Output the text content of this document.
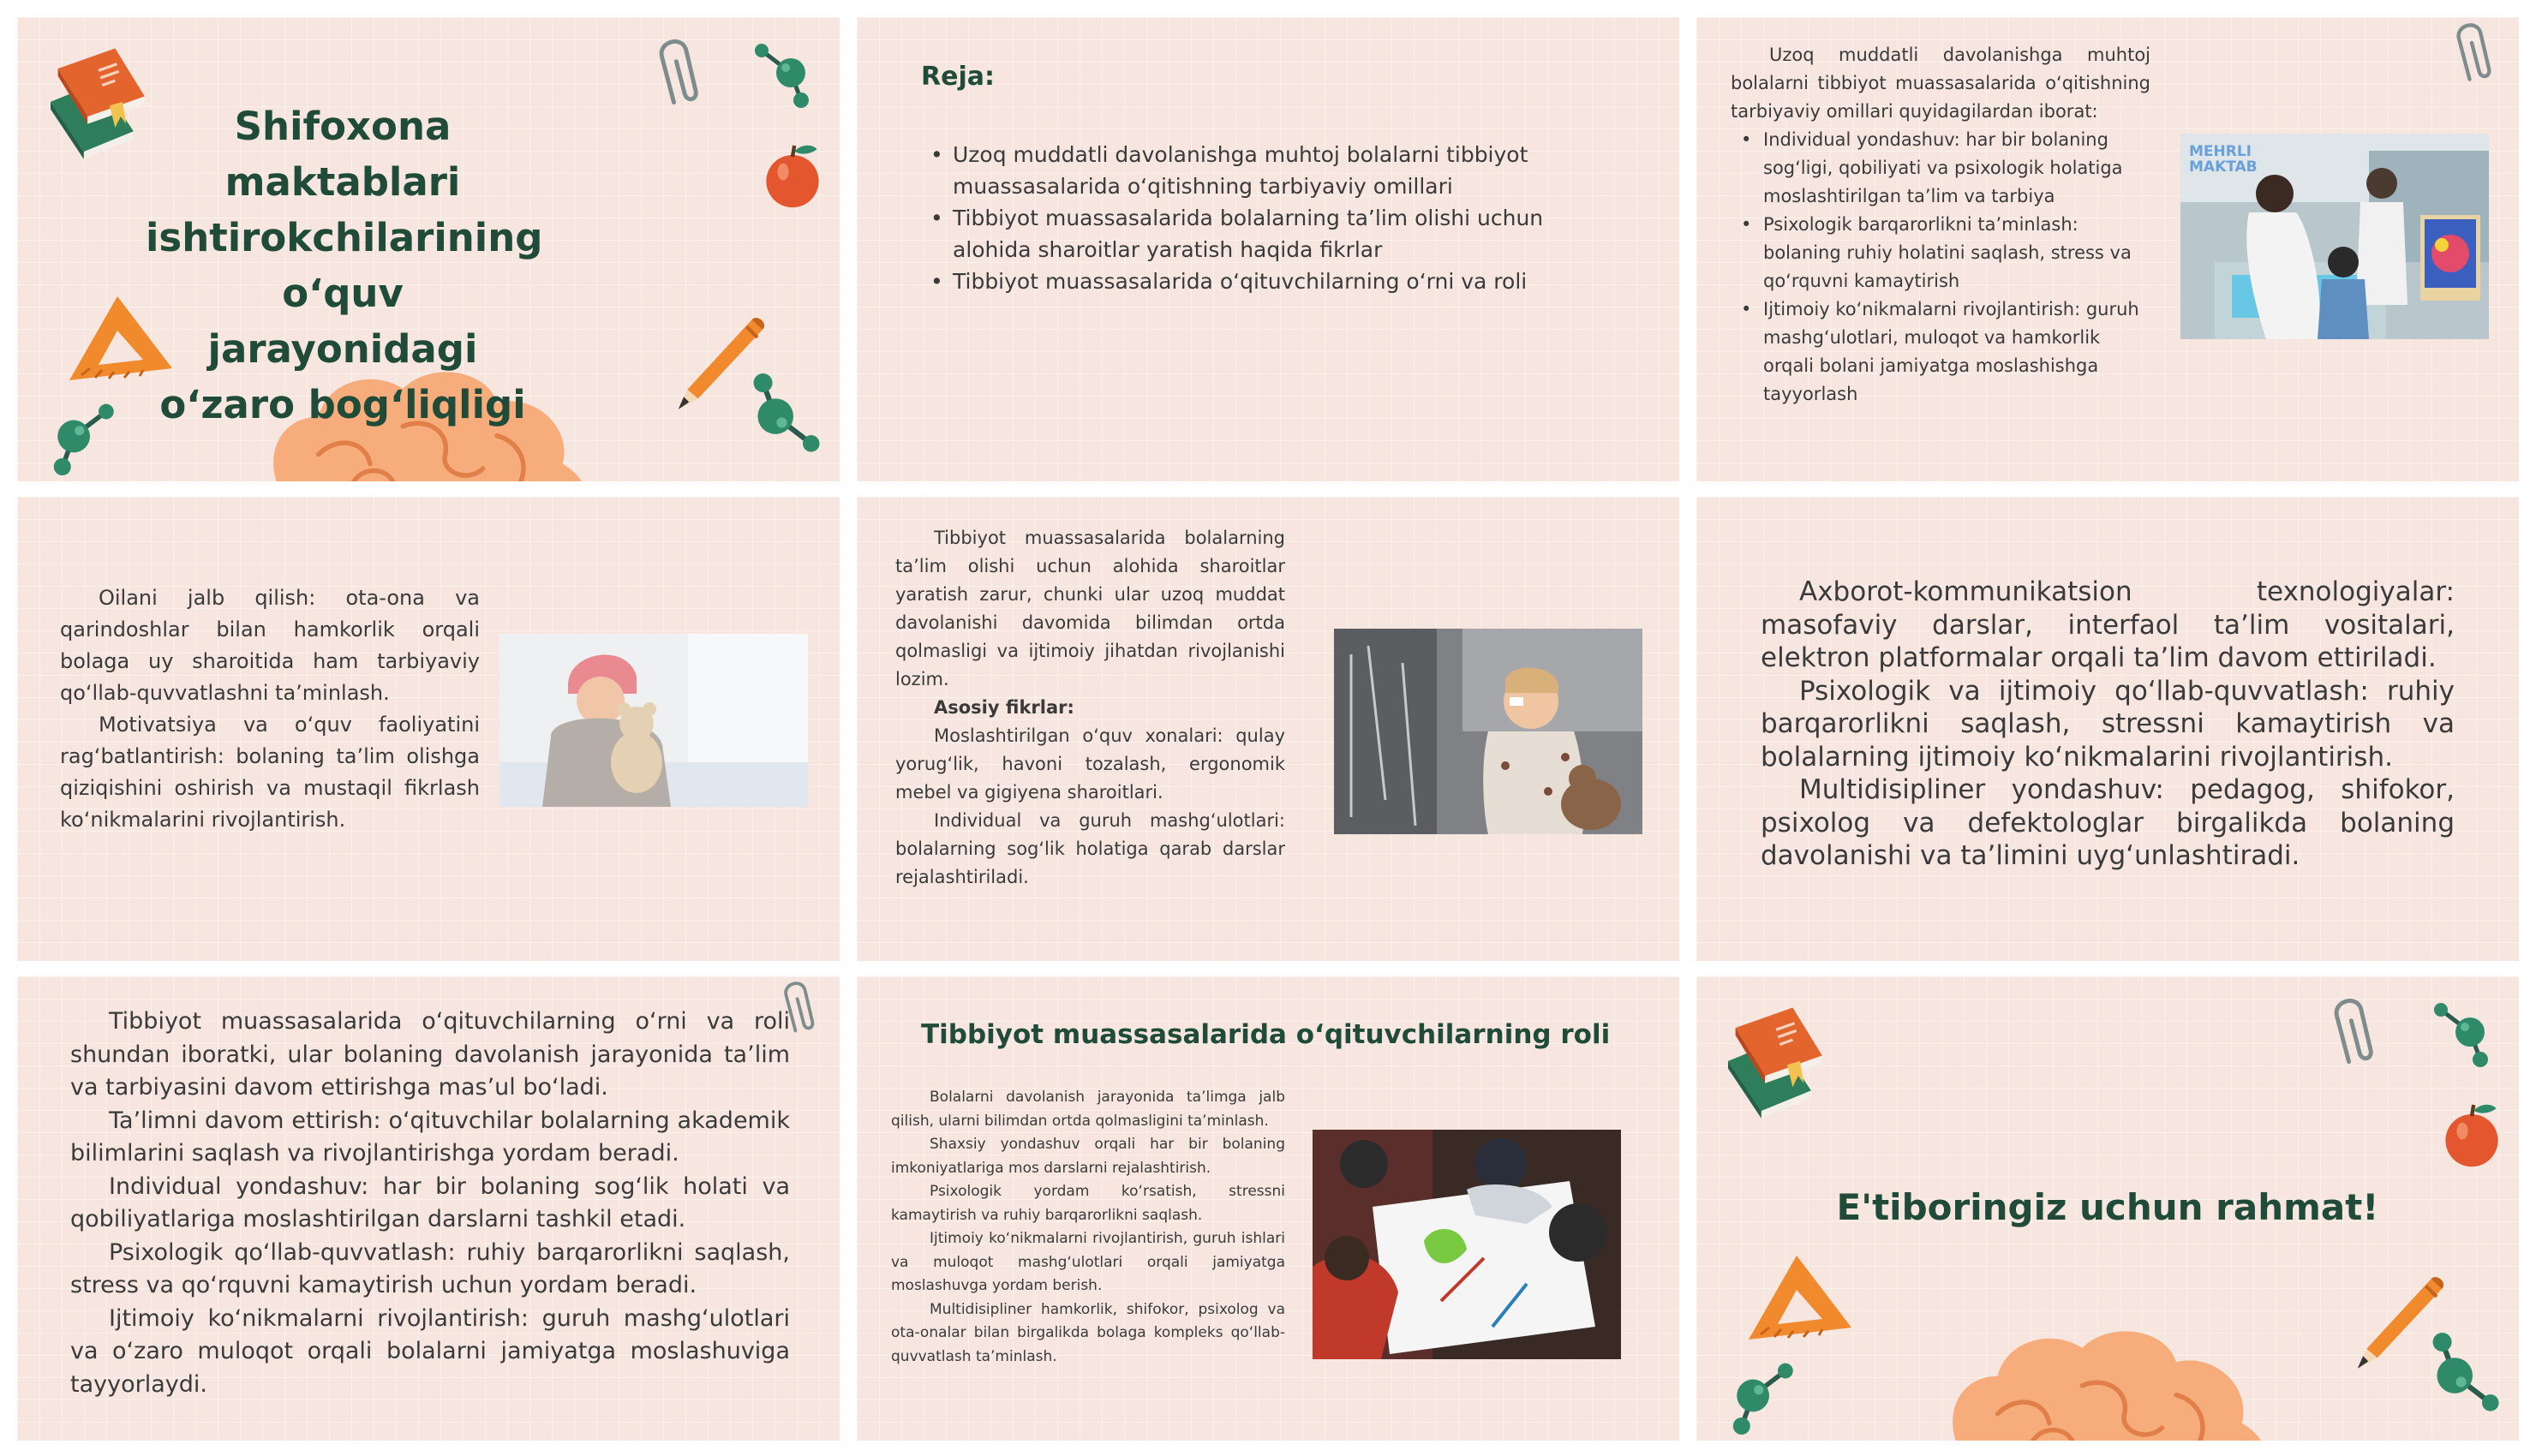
Shifoxona maktablari ishtirokchilarining o‘quv jarayonidagi o‘zaro bog‘liqligi
Reja:
• Uzoq muddatli davolanishga muhtoj bolalarni tibbiyot muassasalarida o‘qitishning tarbiyaviy omillari
• Tibbiyot muassasalarida bolalarning ta’lim olishi uchun alohida sharoitlar yaratish haqida fikrlar
• Tibbiyot muassasalarida o‘qituvchilarning o‘rni va roli

Uzoq muddatli davolanishga muhtoj bolalarni tibbiyot muassasalarida o‘qitishning tarbiyaviy omillari quyidagilardan iborat:

• Individual yondashuv: har bir bolaning sog‘ligi, qobiliyati va psixologik holatiga moslashtirilgan ta’lim va tarbiya
• Psixologik barqarorlikni ta’minlash: bolaning ruhiy holatini saqlash, stress va qo‘rquvni kamaytirish
• Ijtimoiy ko‘nikmalarni rivojlantirish: guruh mashg‘ulotlari, muloqot va hamkorlik orqali bolani jamiyatga moslashishga tayyorlash
MEHRLI
MAKTAB

Oilani jalb qilish: ota-ona va qarindoshlar bilan hamkorlik orqali bolaga uy sharoitida ham tarbiyaviy qo‘llab-quvvatlashni ta’minlash.

Motivatsiya va o‘quv faoliyatini rag‘batlantirish: bolaning ta’lim olishga qiziqishini oshirish va mustaqil fikrlash ko‘nikmalarini rivojlantirish.

Tibbiyot muassasalarida bolalarning ta’lim olishi uchun alohida sharoitlar yaratish zarur, chunki ular uzoq muddat davolanishi davomida bilimdan ortda qolmasligi va ijtimoiy jihatdan rivojlanishi lozim.

Asosiy fikrlar:

Moslashtirilgan o‘quv xonalari: qulay yorug‘lik, havoni tozalash, ergonomik mebel va gigiyena sharoitlari.

Individual va guruh mashg‘ulotlari: bolalarning sog‘lik holatiga qarab darslar rejalashtiriladi.

Axborot-kommunikatsion texnologiyalar: masofaviy darslar, interfaol ta’lim vositalari, elektron platformalar orqali ta’lim davom ettiriladi.

Psixologik va ijtimoiy qo‘llab-quvvatlash: ruhiy barqarorlikni saqlash, stressni kamaytirish va bolalarning ijtimoiy ko‘nikmalarini rivojlantirish.

Multidisipliner yondashuv: pedagog, shifokor, psixolog va defektologlar birgalikda bolaning davolanishi va ta’limini uyg‘unlashtiradi.

Tibbiyot muassasalarida o‘qituvchilarning o‘rni va roli shundan iboratki, ular bolaning davolanish jarayonida ta’lim va tarbiyasini davom ettirishga mas’ul bo‘ladi.

Ta’limni davom ettirish: o‘qituvchilar bolalarning akademik bilimlarini saqlash va rivojlantirishga yordam beradi.

Individual yondashuv: har bir bolaning sog‘lik holati va qobiliyatlariga moslashtirilgan darslarni tashkil etadi.

Psixologik qo‘llab-quvvatlash: ruhiy barqarorlikni saqlash, stress va qo‘rquvni kamaytirish uchun yordam beradi.

Ijtimoiy ko‘nikmalarni rivojlantirish: guruh mashg‘ulotlari va o‘zaro muloqot orqali bolalarni jamiyatga moslashuviga tayyorlaydi.

Tibbiyot muassasalarida o‘qituvchilarning roli

Bolalarni davolanish jarayonida ta’limga jalb qilish, ularni bilimdan ortda qolmasligini ta’minlash.

Shaxsiy yondashuv orqali har bir bolaning imkoniyatlariga mos darslarni rejalashtirish.

Psixologik yordam ko‘rsatish, stressni kamaytirish va ruhiy barqarorlikni saqlash.

Ijtimoiy ko‘nikmalarni rivojlantirish, guruh ishlari va muloqot mashg‘ulotlari orqali jamiyatga moslashuvga yordam berish.

Multidisipliner hamkorlik, shifokor, psixolog va ota-onalar bilan birgalikda bolaga kompleks qo‘llab-quvvatlash ta’minlash.

E'tiboringiz uchun rahmat!
